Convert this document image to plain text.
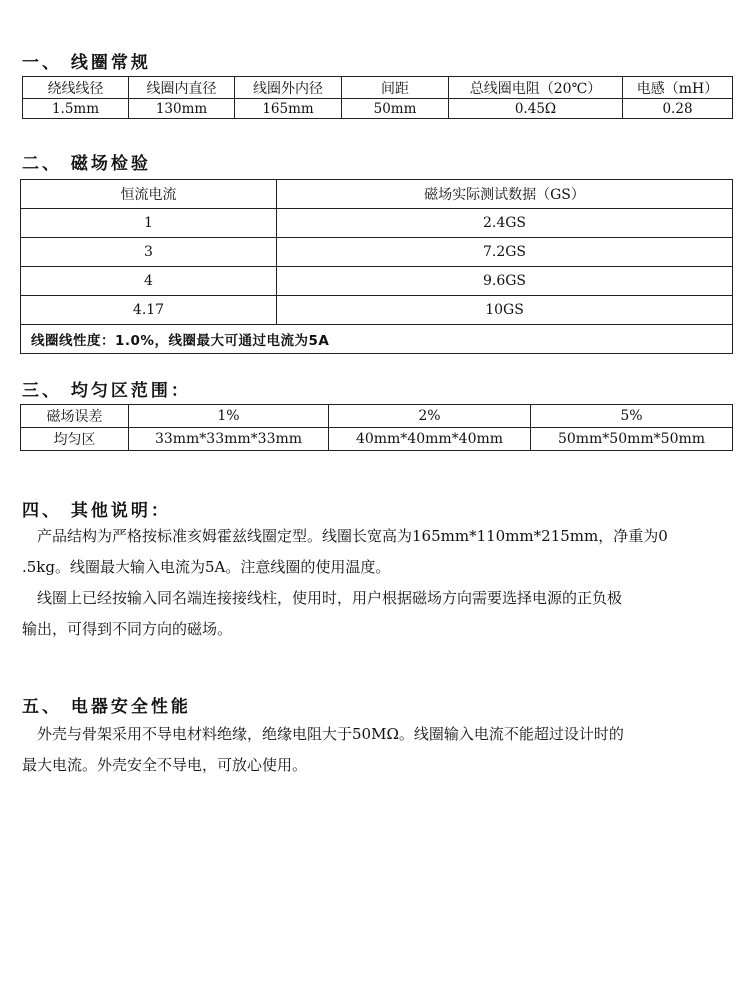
一、 线圈常规
绕线线径	线圈内直径	线圈外内径	间距	总线圈电阻（20℃）	电感（mH）
1.5mm	130mm	165mm	50mm	0.45Ω	0.28
二、 磁场检验
恒流电流	磁场实际测试数据（GS）
1	2.4GS
3	7.2GS
4	9.6GS
4.17	10GS
线圈线性度：1.0%，线圈最大可通过电流为5A	
三、 均匀区范围：
磁场误差	1%	2%	5%
均匀区	33mm*33mm*33mm	40mm*40mm*40mm	50mm*50mm*50mm
四、 其他说明：
　产品结构为严格按标准亥姆霍兹线圈定型。线圈长宽高为165mm*110mm*215mm，净重为0
.5kg。线圈最大输入电流为5A。注意线圈的使用温度。
　线圈上已经按输入同名端连接接线柱，使用时，用户根据磁场方向需要选择电源的正负极
输出，可得到不同方向的磁场。
五、 电器安全性能
　外壳与骨架采用不导电材料绝缘，绝缘电阻大于50MΩ。线圈输入电流不能超过设计时的
最大电流。外壳安全不导电，可放心使用。
